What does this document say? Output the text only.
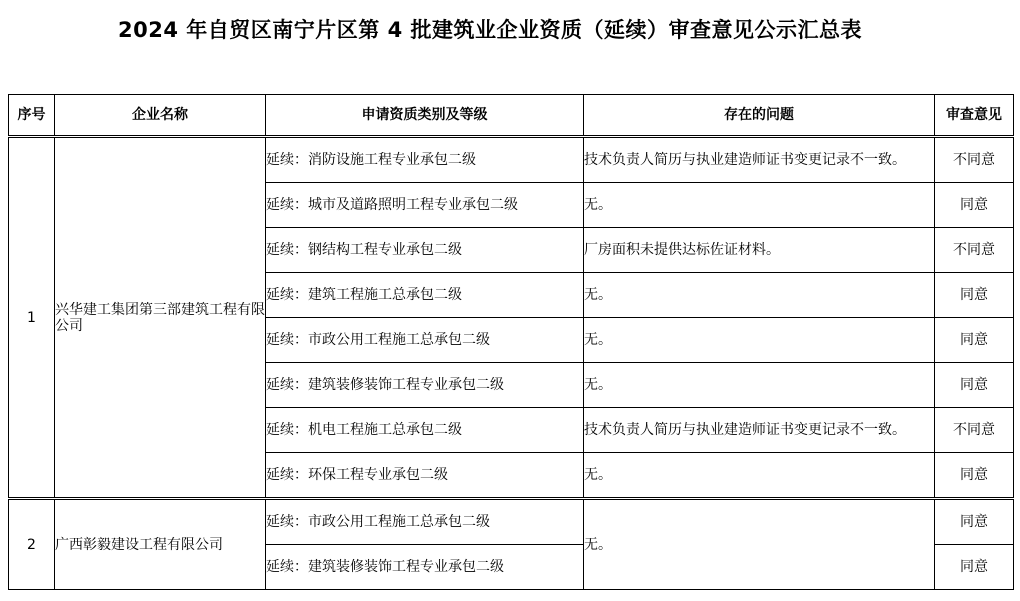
2024 年自贸区南宁片区第 4 批建筑业企业资质（延续）审查意见公示汇总表
序号	企业名称	申请资质类别及等级	存在的问题	审查意见
1	兴华建工集团第三部建筑工程有限公司	延续：消防设施工程专业承包二级	技术负责人简历与执业建造师证书变更记录不一致。	不同意
		延续：城市及道路照明工程专业承包二级	无。	同意
		延续：钢结构工程专业承包二级	厂房面积未提供达标佐证材料。	不同意
		延续：建筑工程施工总承包二级	无。	同意
		延续：市政公用工程施工总承包二级	无。	同意
		延续：建筑装修装饰工程专业承包二级	无。	同意
		延续：机电工程施工总承包二级	技术负责人简历与执业建造师证书变更记录不一致。	不同意
		延续：环保工程专业承包二级	无。	同意
2	广西彰毅建设工程有限公司	延续：市政公用工程施工总承包二级	无。	同意
		延续：建筑装修装饰工程专业承包二级		同意
